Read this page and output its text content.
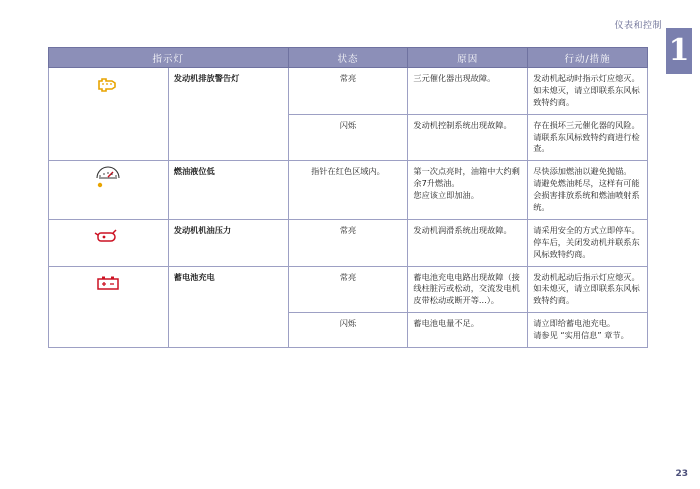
仪表和控制
1
23
指示灯		状态	原因	行动/措施

	发动机排放警告灯	常亮	三元催化器出现故障。	发动机起动时指示灯应熄灭。
如未熄灭，请立即联系东风标致特约商。

		闪烁	发动机控制系统出现故障。	存在损坏三元催化器的风险。
请联系东风标致特约商进行检查。

	燃油液位低	指针在红色区域内。	第一次点亮时，油箱中大约剩余7升燃油。
您应该立即加油。	尽快添加燃油以避免抛锚。
请避免燃油耗尽，这样有可能会损害排放系统和燃油喷射系统。

	发动机机油压力	常亮	发动机润滑系统出现故障。	请采用安全的方式立即停车。
停车后，关闭发动机并联系东风标致特约商。

	蓄电池充电	常亮	蓄电池充电电路出现故障（接线柱脏污或松动，交流发电机皮带松动或断开等...）。	发动机起动后指示灯应熄灭。
如未熄灭，请立即联系东风标致特约商。

		闪烁	蓄电池电量不足。	请立即给蓄电池充电。
请参见 “实用信息” 章节。
